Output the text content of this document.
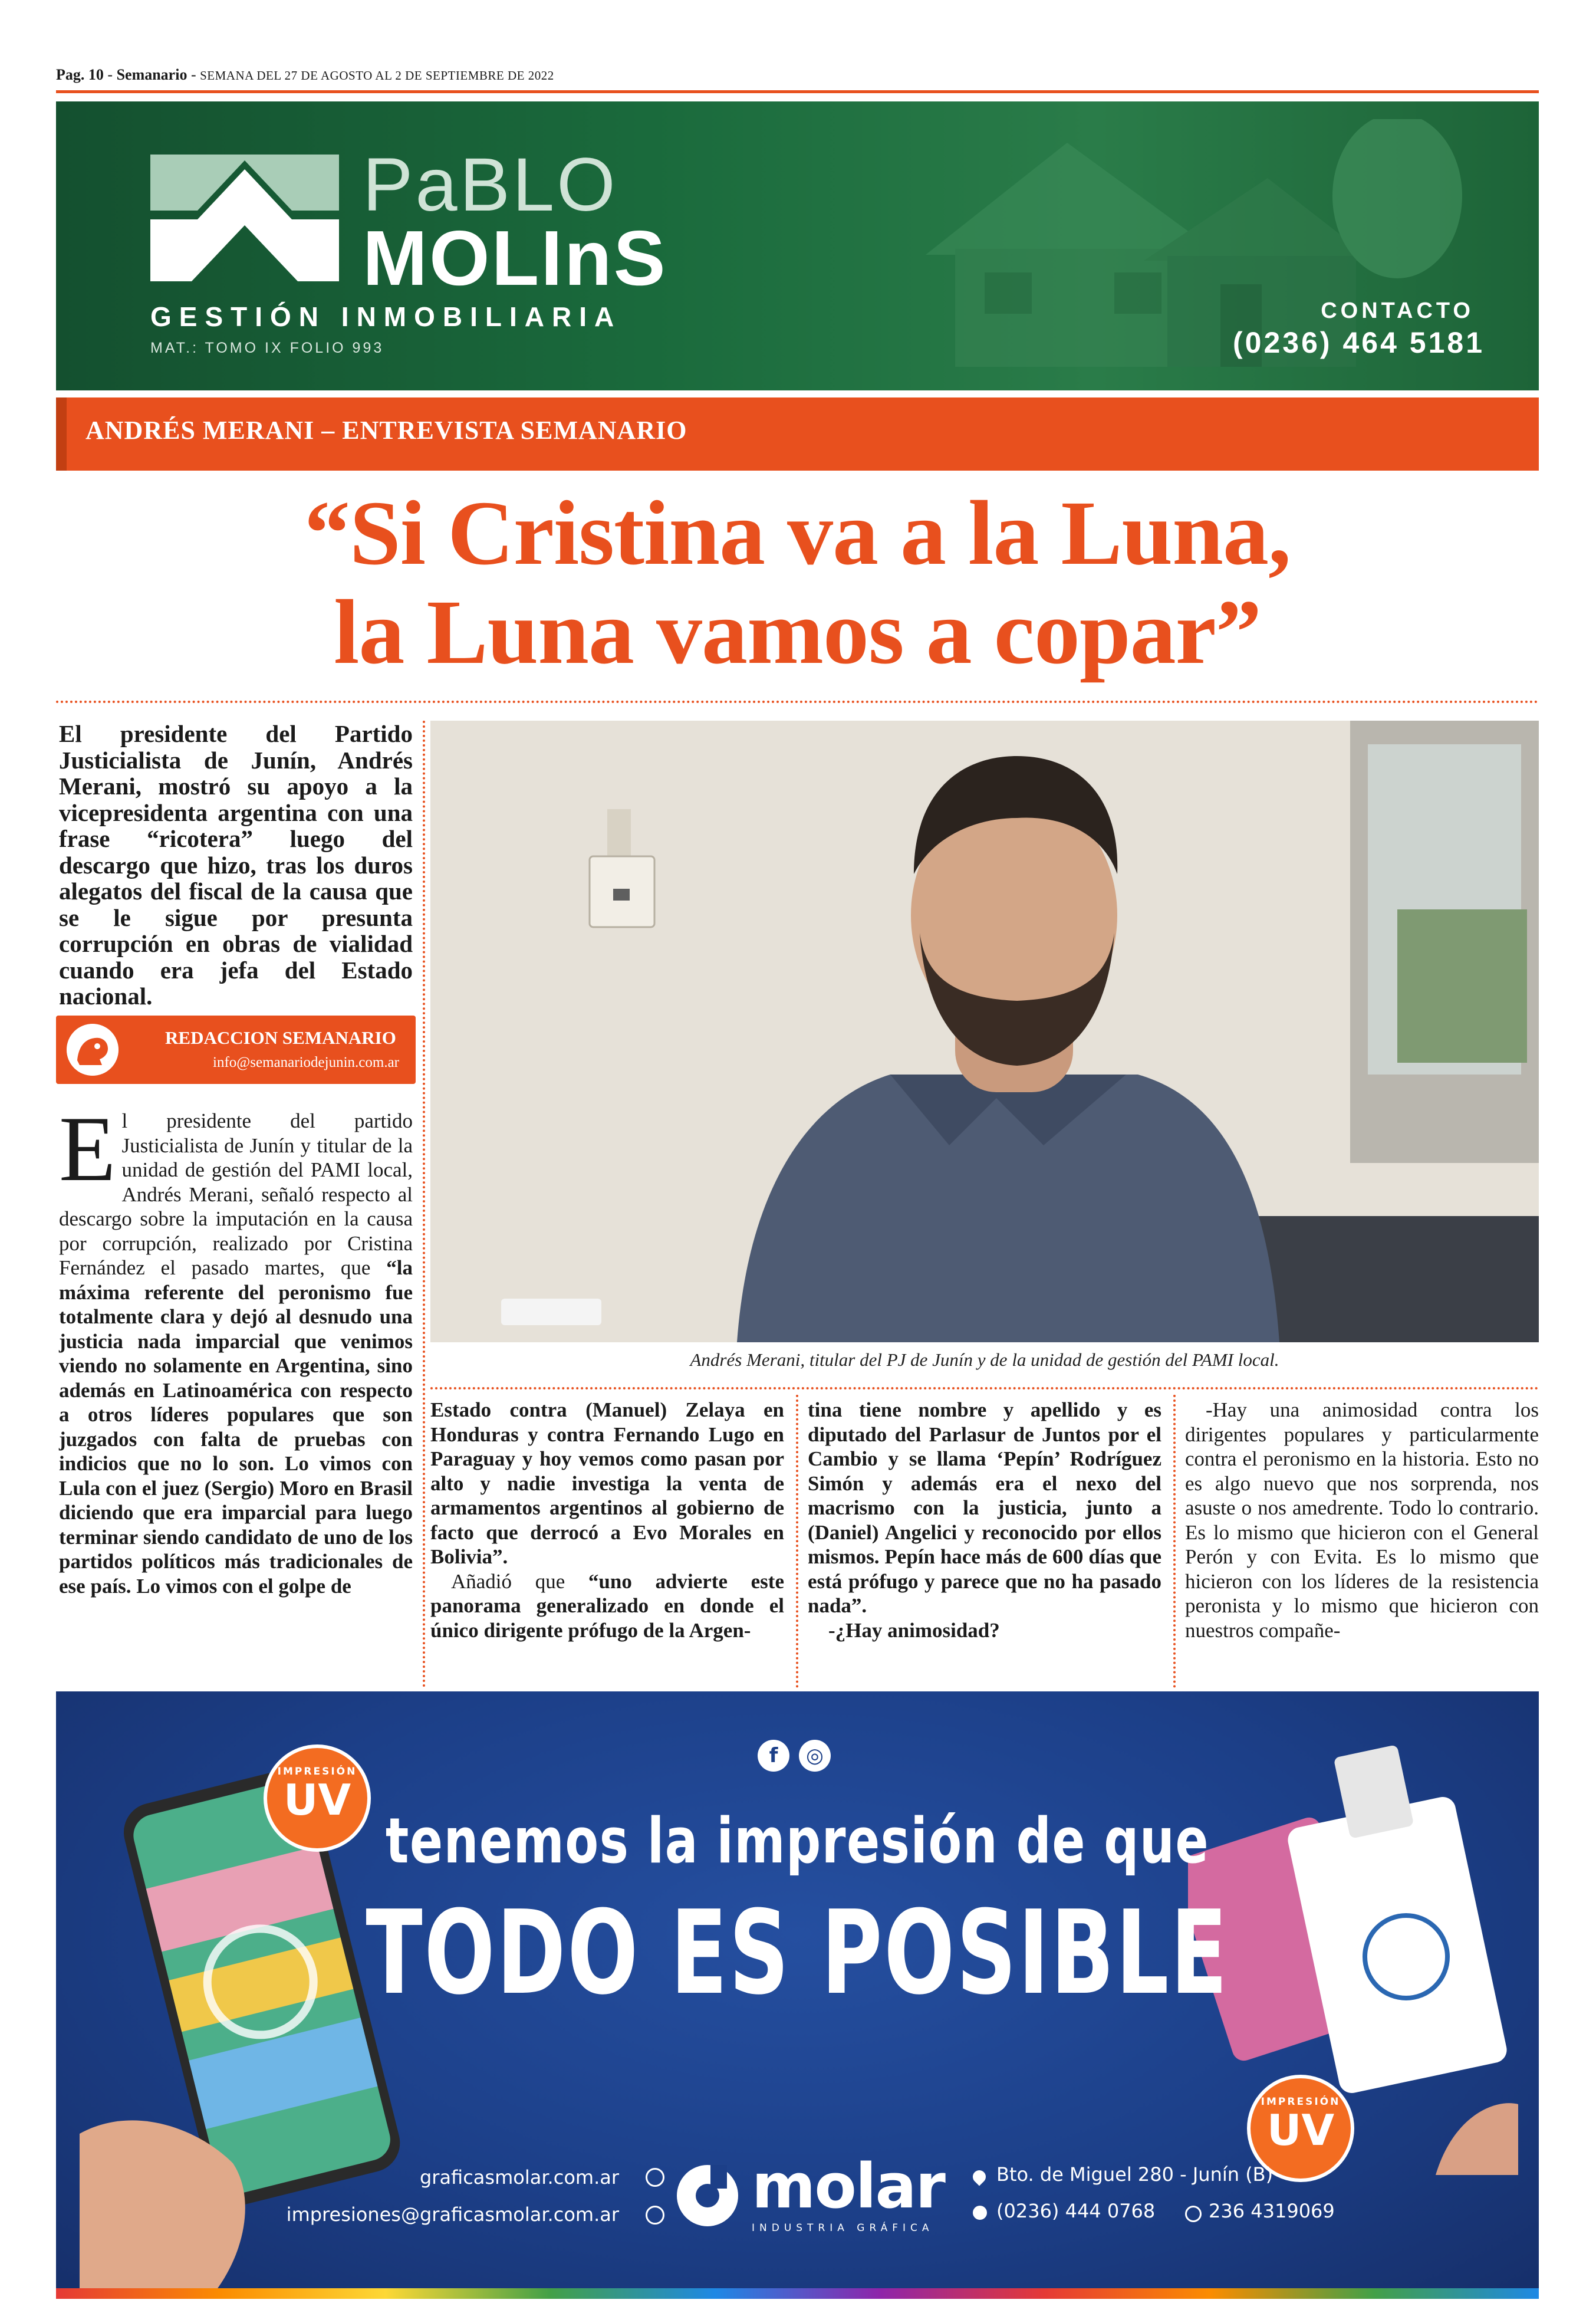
Pag. 10 - Semanario - SEMANA DEL 27 DE AGOSTO AL 2 DE SEPTIEMBRE DE 2022
PaBLO
MOLInS
GESTIÓN INMOBILIARIA
MAT.: TOMO IX FOLIO 993
CONTACTO
(0236) 464 5181
ANDRÉS MERANI – ENTREVISTA SEMANARIO
“Si Cristina va a la Luna,
la Luna vamos a copar”
El presidente del Partido Justicialista de Junín, Andrés Merani, mostró su apoyo a la vicepresidenta argentina con una frase “ricotera” luego del descargo que hizo, tras los duros alegatos del fiscal de la causa que se le sigue por presunta corrupción en obras de vialidad cuando era jefa del Estado nacional.
REDACCION SEMANARIO
info@semanariodejunin.com.ar
Andrés Merani, titular del PJ de Junín y de la unidad de gestión del PAMI local.
El presidente del partido Justicialista de Junín y titular de la unidad de gestión del PAMI local, Andrés Merani, señaló respecto al descargo sobre la imputación en la causa por corrupción, realizado por Cristina Fernández el pasado martes, que “la máxima referente del peronismo fue totalmente clara y dejó al desnudo una justicia nada imparcial que venimos viendo no solamente en Argentina, sino además en Latinoamérica con respecto a otros líderes populares que son juzgados con falta de pruebas con indicios que no lo son. Lo vimos con Lula con el juez (Sergio) Moro en Brasil diciendo que era imparcial para luego terminar siendo candidato de uno de los partidos políticos más tradicionales de ese país. Lo vimos con el golpe de
Estado contra (Manuel) Zelaya en Honduras y contra Fernando Lugo en Paraguay y hoy vemos como pasan por alto y nadie investiga la venta de armamentos argentinos al gobierno de facto que derrocó a Evo Morales en Bolivia”.
Añadió que “uno advierte este panorama generalizado en donde el único dirigente prófugo de la Argen-
tina tiene nombre y apellido y es diputado del Parlasur de Juntos por el Cambio y se llama ‘Pepín’ Rodríguez Simón y además era el nexo del macrismo con la justicia, junto a (Daniel) Angelici y reconocido por ellos mismos. Pepín hace más de 600 días que está prófugo y parece que no ha pasado nada”.
-¿Hay animosidad?
-Hay una animosidad contra los dirigentes populares y particularmente contra el peronismo en la historia. Esto no es algo nuevo que nos sorprenda, nos asuste o nos amedrente. Todo lo contrario. Es lo mismo que hicieron con el General Perón y con Evita. Es lo mismo que hicieron con los líderes de la resistencia peronista y lo mismo que hicieron con nuestros compañe-
IMPRESIÓN
UV
IMPRESIÓN
UV
f	◎
tenemos la impresión de que
TODO ES POSIBLE
graficasmolar.com.ar
impresiones@graficasmolar.com.ar molar
INDUSTRIA GRÁFICA
Bto. de Miguel 280 - Junín (B)
(0236) 444 0768	236 4319069
